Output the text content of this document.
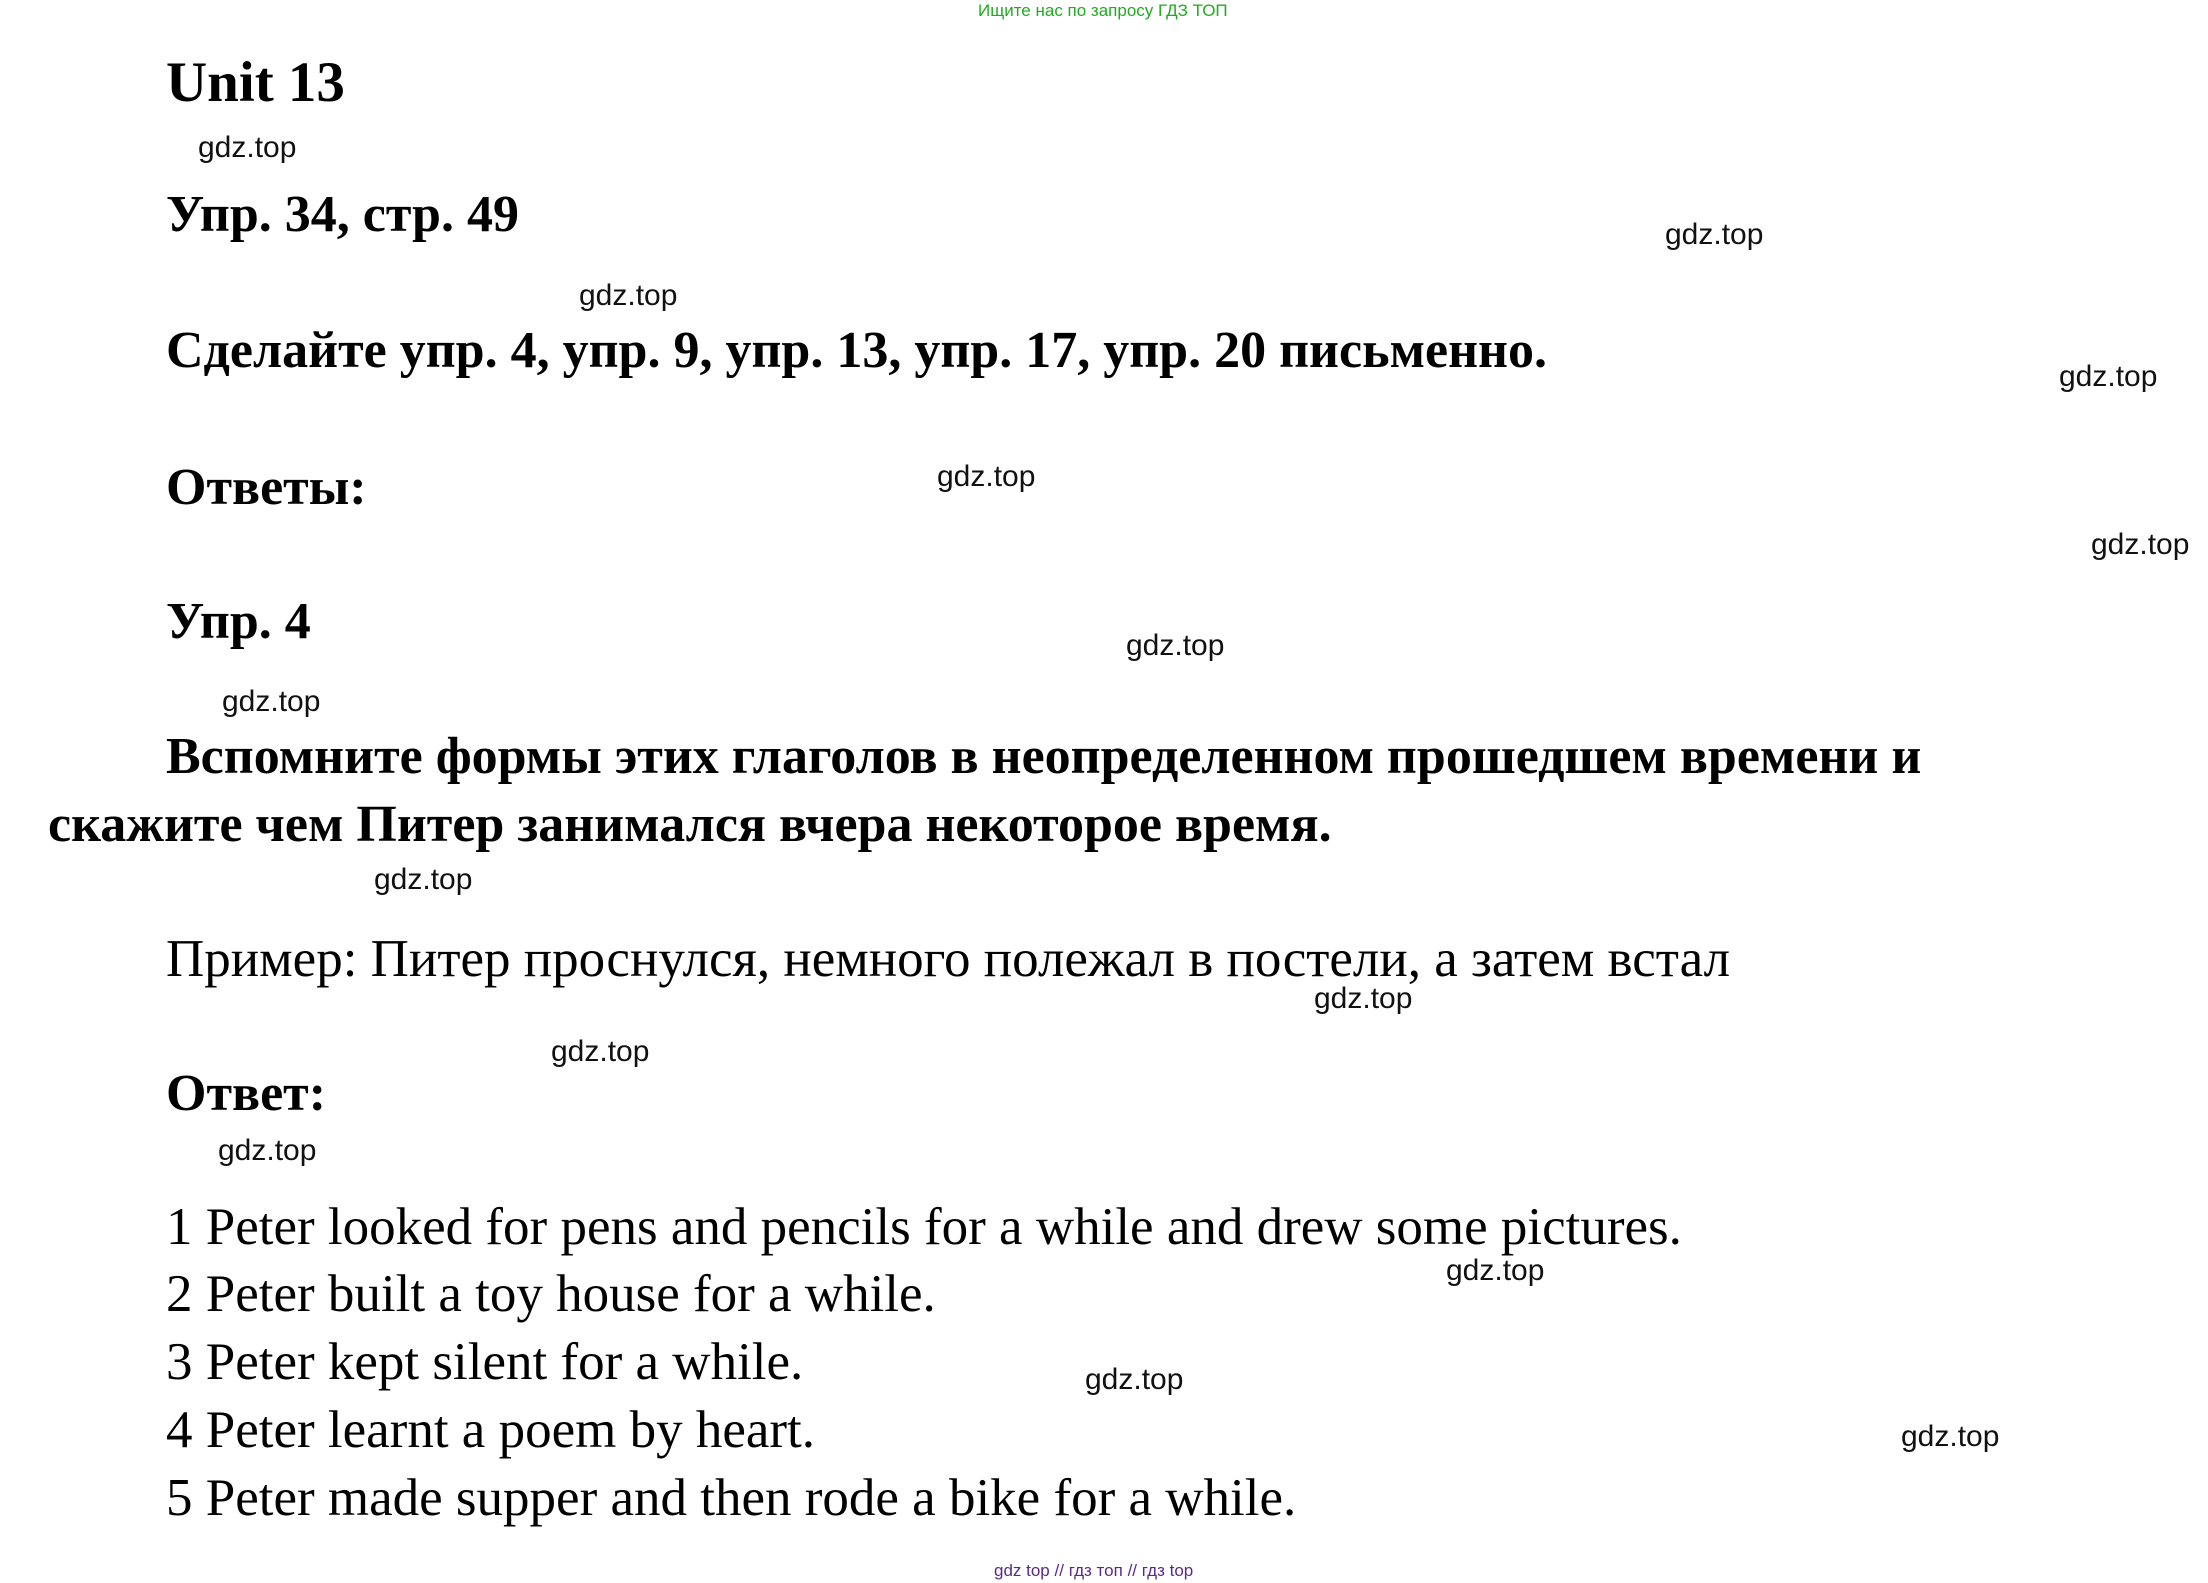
Ищите нас по запросу ГДЗ ТОП
Unit 13
Упр. 34, стр. 49
Сделайте упр. 4, упр. 9, упр. 13, упр. 17, упр. 20 письменно.
Ответы:
Упр. 4
Вспомните формы этих глаголов в неопределенном прошедшем времени и
скажите чем Питер занимался вчера некоторое время.
Пример: Питер проснулся, немного полежал в постели, а затем встал
Ответ:
1 Peter looked for pens and pencils for a while and drew some pictures.
2 Peter built a toy house for a while.
3 Peter kept silent for a while.
4 Peter learnt a poem by heart.
5 Peter made supper and then rode a bike for a while.
gdz.top
gdz.top
gdz.top
gdz.top
gdz.top
gdz.top
gdz.top
gdz.top
gdz.top
gdz.top
gdz.top
gdz.top
gdz.top
gdz.top
gdz.top
gdz top // гдз топ // гдз top
